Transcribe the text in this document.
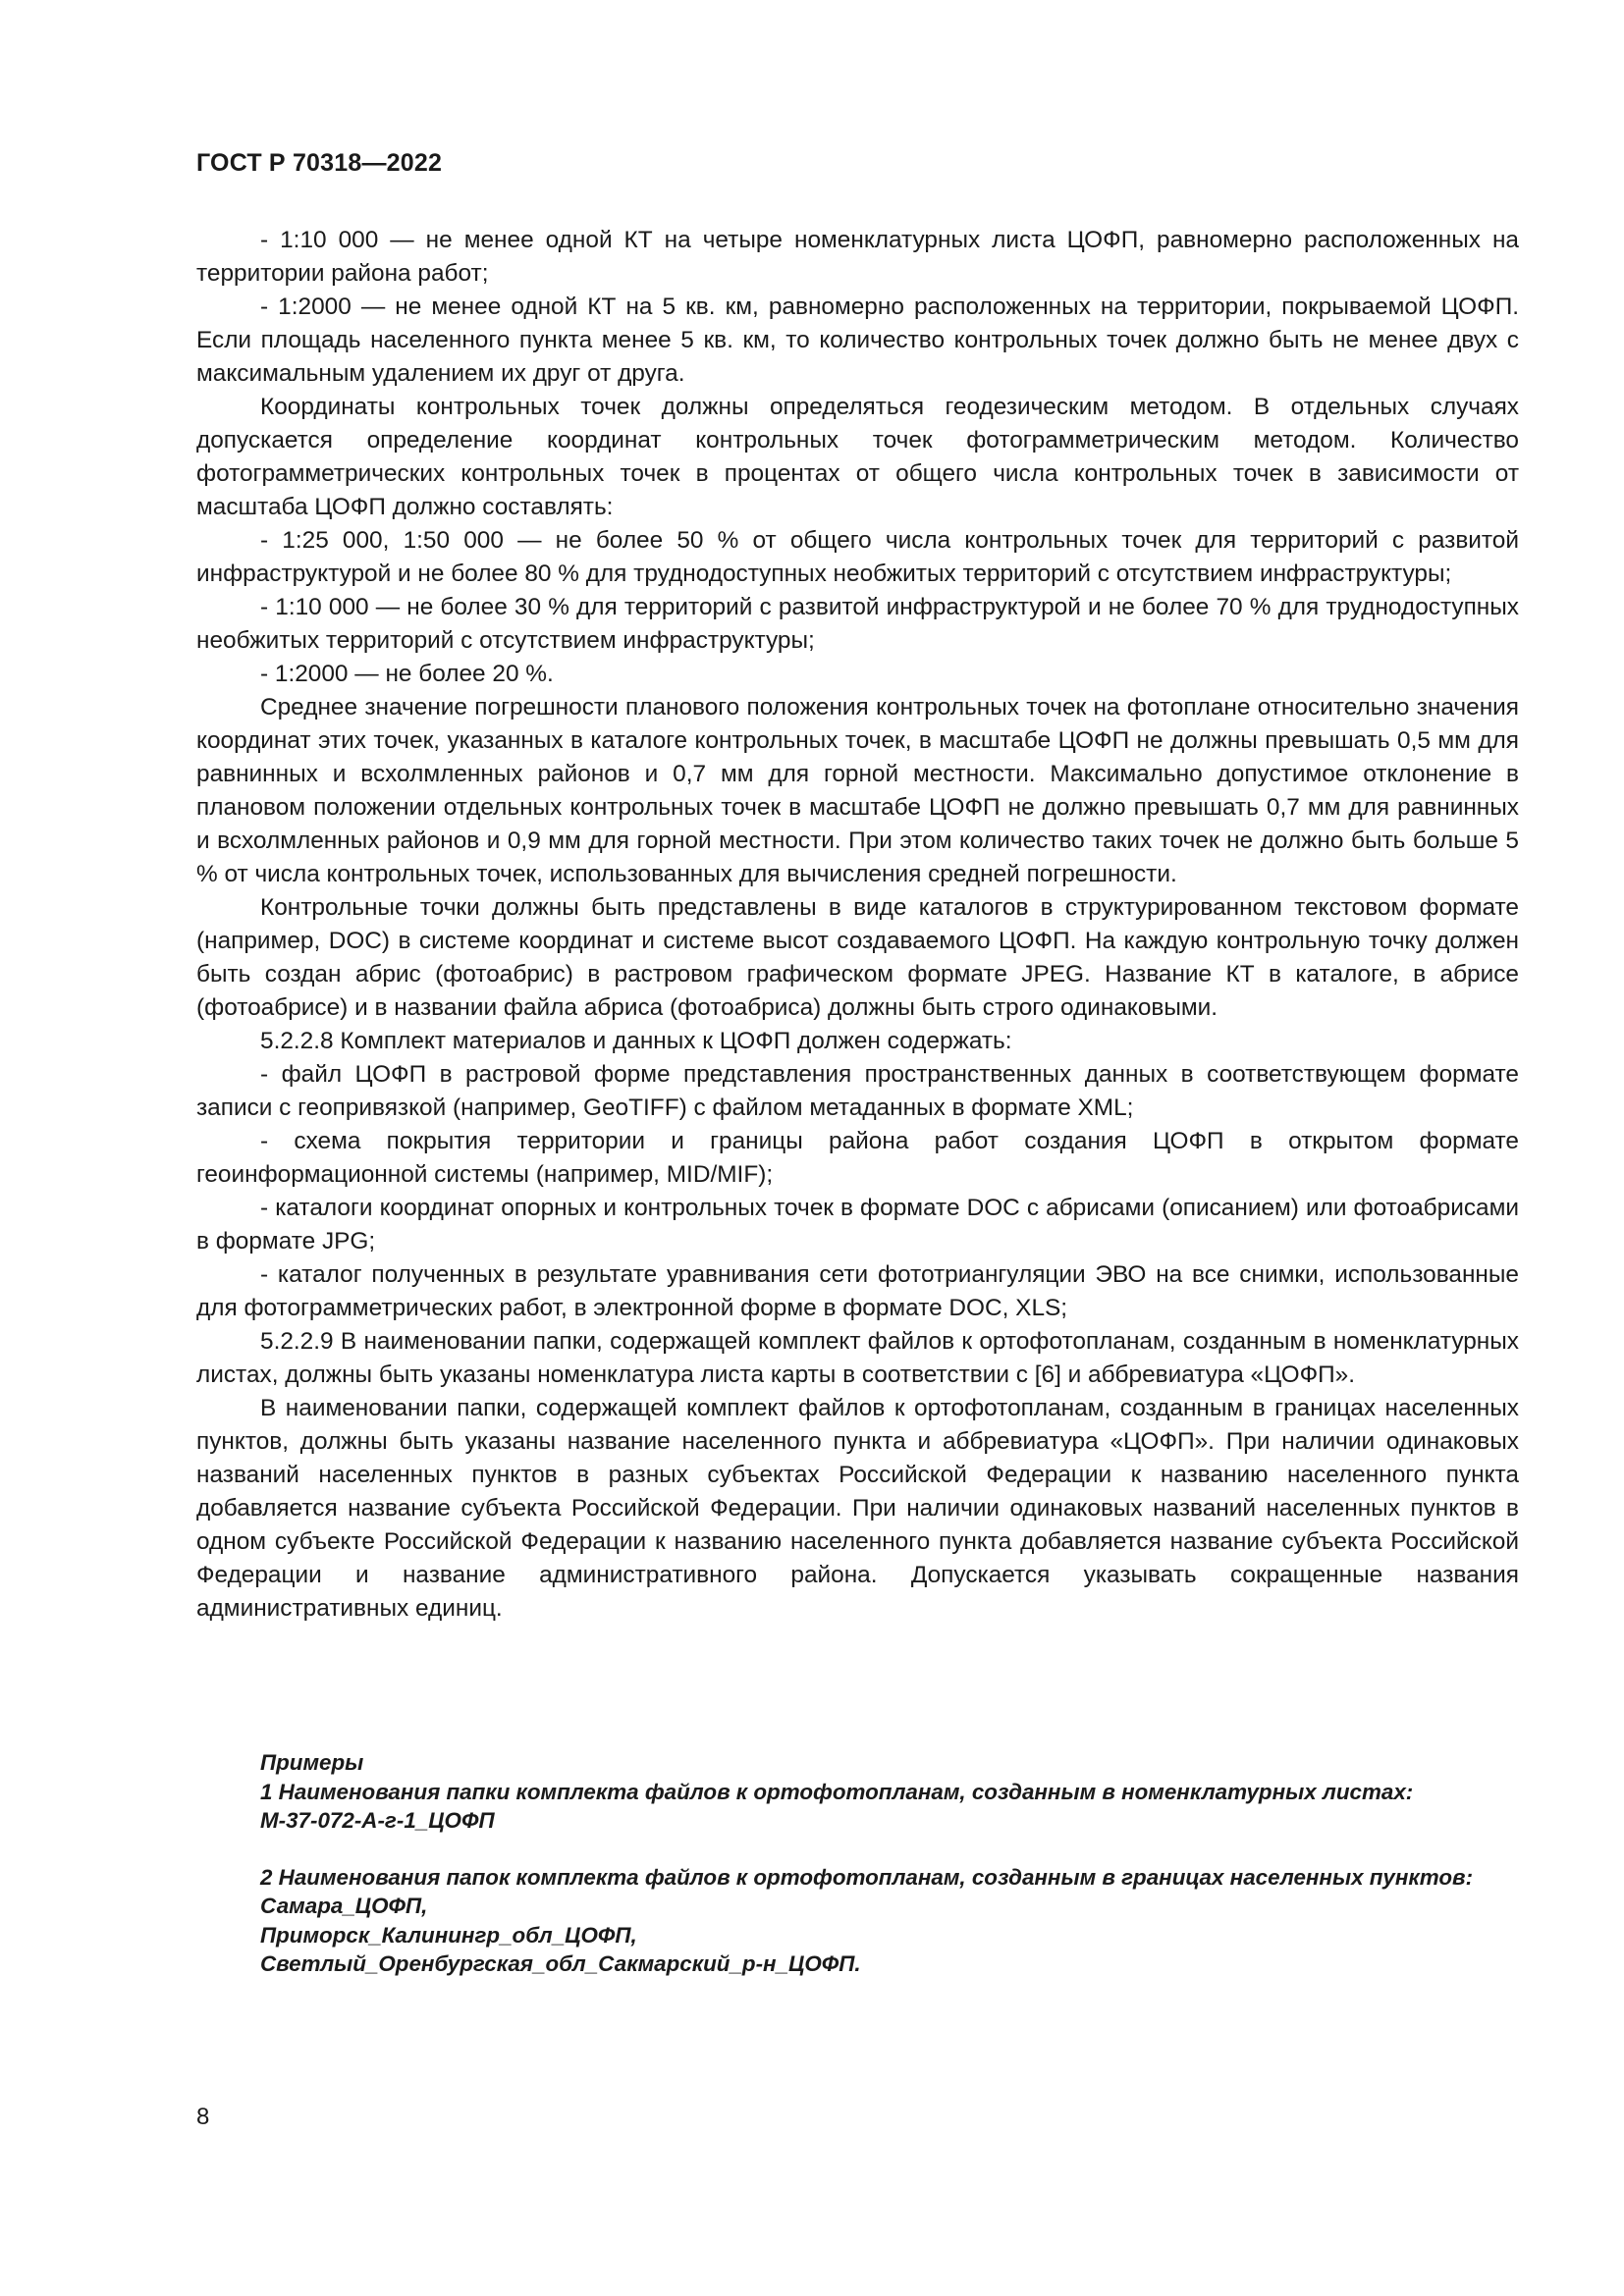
ГОСТ Р 70318—2022

- 1:10 000 — не менее одной КТ на четыре номенклатурных листа ЦОФП, равномерно расположенных на территории района работ;

- 1:2000 — не менее одной КТ на 5 кв. км, равномерно расположенных на территории, покрываемой ЦОФП. Если площадь населенного пункта менее 5 кв. км, то количество контрольных точек должно быть не менее двух с максимальным удалением их друг от друга.

Координаты контрольных точек должны определяться геодезическим методом. В отдельных случаях допускается определение координат контрольных точек фотограмметрическим методом. Количество фотограмметрических контрольных точек в процентах от общего числа контрольных точек в зависимости от масштаба ЦОФП должно составлять:

- 1:25 000, 1:50 000 — не более 50 % от общего числа контрольных точек для территорий с развитой инфраструктурой и не более 80 % для труднодоступных необжитых территорий с отсутствием инфраструктуры;

- 1:10 000 — не более 30 % для территорий с развитой инфраструктурой и не более 70 % для труднодоступных необжитых территорий с отсутствием инфраструктуры;

- 1:2000 — не более 20 %.

Среднее значение погрешности планового положения контрольных точек на фотоплане относительно значения координат этих точек, указанных в каталоге контрольных точек, в масштабе ЦОФП не должны превышать 0,5 мм для равнинных и всхолмленных районов и 0,7 мм для горной местности. Максимально допустимое отклонение в плановом положении отдельных контрольных точек в масштабе ЦОФП не должно превышать 0,7 мм для равнинных и всхолмленных районов и 0,9 мм для горной местности. При этом количество таких точек не должно быть больше 5 % от числа контрольных точек, использованных для вычисления средней погрешности.

Контрольные точки должны быть представлены в виде каталогов в структурированном текстовом формате (например, DOC) в системе координат и системе высот создаваемого ЦОФП. На каждую контрольную точку должен быть создан абрис (фотоабрис) в растровом графическом формате JPEG. Название КТ в каталоге, в абрисе (фотоабрисе) и в названии файла абриса (фотоабриса) должны быть строго одинаковыми.

5.2.2.8 Комплект материалов и данных к ЦОФП должен содержать:

- файл ЦОФП в растровой форме представления пространственных данных в соответствующем формате записи с геопривязкой (например, GeoTIFF) с файлом метаданных в формате XML;

- схема покрытия территории и границы района работ создания ЦОФП в открытом формате геоинформационной системы (например, MID/MIF);

- каталоги координат опорных и контрольных точек в формате DOC с абрисами (описанием) или фотоабрисами в формате JPG;

- каталог полученных в результате уравнивания сети фототриангуляции ЭВО на все снимки, использованные для фотограмметрических работ, в электронной форме в формате DOC, XLS;

5.2.2.9 В наименовании папки, содержащей комплект файлов к ортофотопланам, созданным в номенклатурных листах, должны быть указаны номенклатура листа карты в соответствии с [6] и аббревиатура «ЦОФП».

В наименовании папки, содержащей комплект файлов к ортофотопланам, созданным в границах населенных пунктов, должны быть указаны название населенного пункта и аббревиатура «ЦОФП». При наличии одинаковых названий населенных пунктов в разных субъектах Российской Федерации к названию населенного пункта добавляется название субъекта Российской Федерации. При наличии одинаковых названий населенных пунктов в одном субъекте Российской Федерации к названию населенного пункта добавляется название субъекта Российской Федерации и название административного района. Допускается указывать сокращенные названия административных единиц.

Примеры

1 Наименования папки комплекта файлов к ортофотопланам, созданным в номенклатурных листах:

M-37-072-А-г-1_ЦОФП

2 Наименования папок комплекта файлов к ортофотопланам, созданным в границах населенных пунктов:

Самара_ЦОФП,

Приморск_Калинингр_обл_ЦОФП,

Светлый_Оренбургская_обл_Сакмарский_р-н_ЦОФП.

8
